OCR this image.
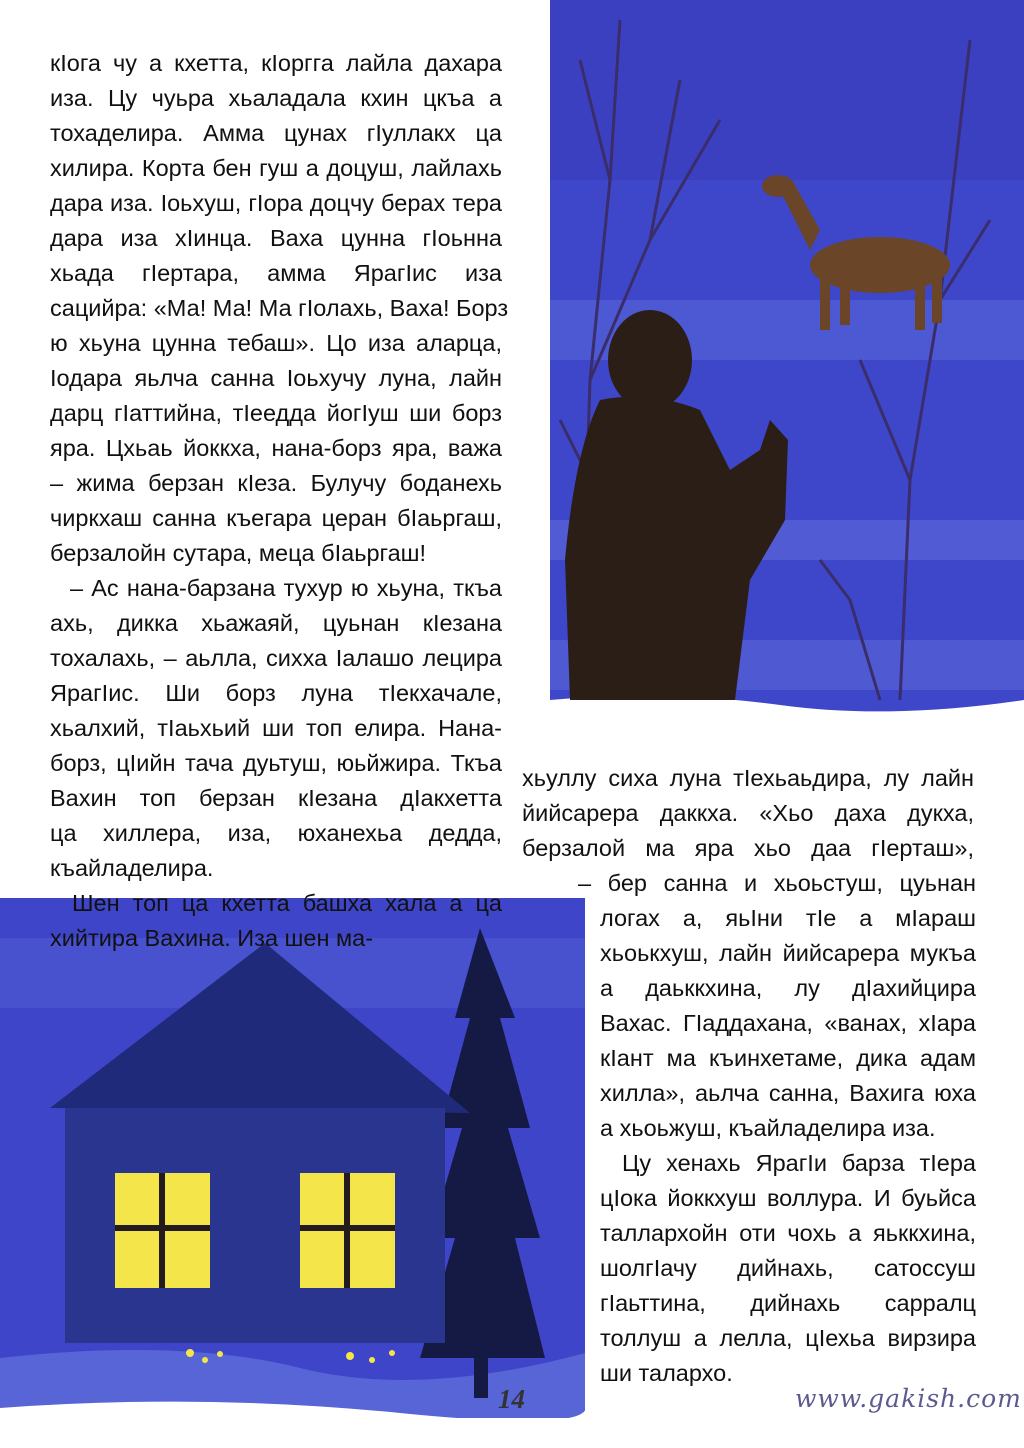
кIога чу а кхетта, кIоргга лайла дахара
иза. Цу чуьра хьаладала кхин цкъа а
тохаделира. Амма цунах гIуллакх ца
хилира. Корта бен гуш а доцуш, лайлахь
дара иза. Iоьхуш, гIора доцчу берах тера
дара иза хIинца. Ваха цунна гIоьнна
хьада гIертара, амма ЯрагIис иза
сацийра: «Ма! Ма! Ма гIолахь, Ваха! Борз
ю хьуна цунна тебаш». Цо иза аларца,
Iодара яьлча санна Iоьхучу луна, лайн
дарц гIаттийна, тIеедда йогIуш ши борз
яра. Цхьаь йоккха, нана-борз яра, важа
– жима берзан кIеза. Булучу боданехь
чиркхаш санна къегара церан бIаьргаш,
берзалойн сутара, меца бIаьргаш!
– Ас нана-барзана тухур ю хьуна, ткъа
ахь, дикка хьажаяй, цуьнан кIезана
тохалахь, – аьлла, сихха Iалашо лецира
ЯрагIис. Ши борз луна тIекхачале,
хьалхий, тIаьхьий ши топ елира. Нана-
борз, цIийн тача дуьтуш, юьйжира. Ткъа
Вахин топ берзан кIезана дIакхетта
ца хиллера, иза, юханехьа дедда,
къайладелира.
Шен топ ца кхетта башха хала а ца
хийтира Вахина. Иза шен ма-
хьуллу сиха луна тIехьаьдира, лу лайн
йийсарера даккха. «Хьо даха дукха,
берзалой ма яра хьо даа гIерташ»,
– бер санна и хьоьстуш, цуьнан
логах а, яьIни тIе а мIараш
хьоькхуш, лайн йийсарера мукъа
а даьккхина, лу дIахийцира
Вахас. ГIаддахана, «ванах, хIара
кIант ма къинхетаме, дика адам
хилла», аьлча санна, Вахига юха
а хьоьжуш, къайладелира иза.
Цу хенахь ЯрагIи барза тIера
цIока йоккхуш воллура. И буьйса
таллархойн оти чохь а яьккхина,
шолгIачу дийнахь, сатоссуш
гIаьттина, дийнахь сарралц
толлуш а лелла, цIехьа вирзира
ши талархо.
14	www.gakish.com
